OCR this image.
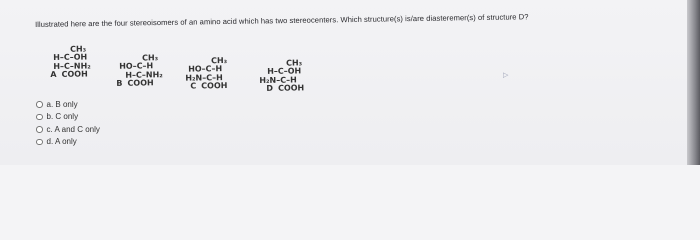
Illustrated here are the four stereoisomers of an amino acid which has two stereocenters. Which structure(s) is/are diasteremer(s) of structure D?
CH₃
H–C–OH
H–C–NH₂
A COOH
CH₃
HO–C–H
H–C–NH₂
B COOH
CH₃
HO–C–H
H₂N–C–H
C COOH
CH₃
H–C–OH
H₂N–C–H
D COOH
▷
a. B only
b. C only
c. A and C only
d. A only
